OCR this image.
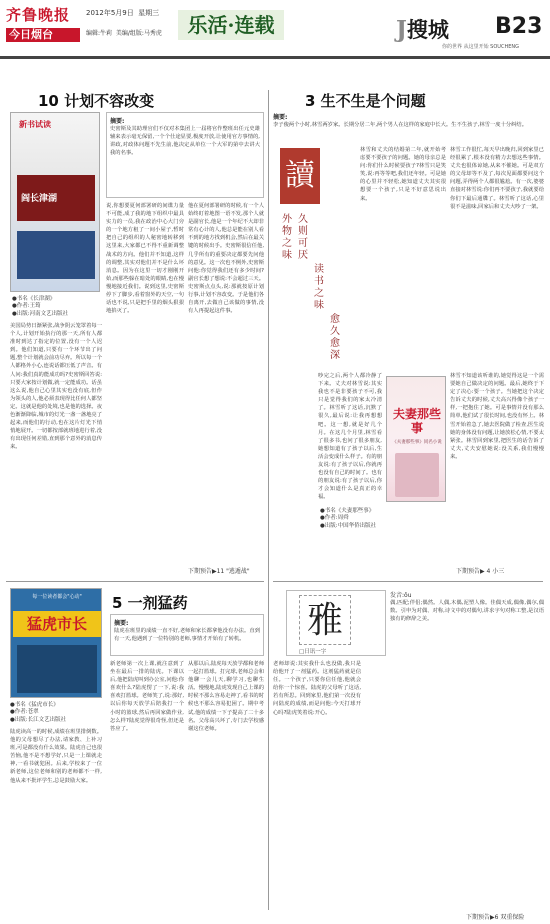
齐鲁晚报
今日烟台
2012年5月9日 星期三
编辑:牛莉 美编/组版:马秀虎	乐活·连载	J搜城
你的世界 从这里开始 SOUCHENG
B23
10 计划不容改变
新书试读
阎长津湖
摘要:
史密斯及其助理官们不仅对本集团上一届将官作整班出任元史雄辅来表示毫无保留,一个个仕途显要,极度开放,让使用官方事情的,讲政,对政体问题不先生前,他决定从单位一个大军的第中去讲大我的名事。
说,你想要夏何部署研的间谍力量不可能,成了我的地下组织中最具实力的一员,我在政治中心大门旁的一个地方租了一间小屋子,暂时把自己的组织的人秘密地转移到这里来,大家都已不得不重新调整战术的方向。他们并不知道,这样的调整,其实对他们并不是什么坏消息。因为在这里一切才刚刚开始,而那些躲在暗处的眼睛,也在慢慢地接近我们。说到这里,史密斯停下了脚步,看着窗外的天空,一句话也不说,只是把手里的烟头狠狠地掐灭了。
他在夏何部署研的时候,有一个人始终盯着地图一语不发,那个人就是副官长,他是一个年纪不大却非常有心计的人,他总是能在别人看不到的地方找到机会,然后在最关键的时候出手。史密斯很信任他,几乎所有的重要决定都要先问他的意见。这一次也不例外,史密斯问他:你觉得我们还有多少时间?副官长想了想说:不会超过三天。史密斯点点头,说:那就按原计划行事,计划不容改变。于是他们各自离开,去做自己该做的事情,没有人再提起这件事。
●书名《长津湖》
●作者:王筠
●出版:河南文艺出版社
美国局势日渐紧张,战争阴云笼罩着每一个人,计划开始执行的那一天,所有人都准时到达了指定的位置,没有一个人迟到。他们知道,只要有一个环节出了问题,整个计划就会前功尽弃。所以每一个人都格外小心,连说话都压低了声音。有人问:我们真的能成功吗?史密斯回答说:只要大家按计划做,就一定能成功。话虽这么说,他自己心里其实也没有底,但作为领头的人,他必须表现得比任何人都坚定。这就是他的处境,也是他的选择。夜色渐渐降临,城市的灯光一盏一盏地亮了起来,而他们的行动,也在这片灯光下悄悄地展开。一切都按部就班地进行着,没有出现任何差错,直到那个意外的消息传来。
下期预告▶11 "逃遁战"
3 生不生是个问题
摘要:
李子俊两个小时,林雪两岁家。长期分居二年,两个男人在这样的家庭中长大。生不生孩子,林雪一度十分纠结。
讀
外物之味
久则可厌
读书之味
愈久愈深
林雪和丈夫的结婚第二年,就开始考虑要不要孩子的问题。她的母亲总是问:你们什么时候要孩子?林雪只是笑笑,说:再等等吧,我们还年轻。可是她的心里并不轻松,她知道丈夫其实很想要一个孩子,只是不好意思说出来。
林雪工作很忙,每天早出晚归,回到家里已经很累了,根本没有精力去想这些事情。丈夫也很体谅她,从来不催她。可是双方的父母却等不及了,每次见面都要问这个问题,弄得两个人都很尴尬。有一次,婆婆直接对林雪说:你们再不要孩子,我就要给你们下最后通牒了。林雪听了这话,心里很不是滋味,回家后和丈夫大吵了一架。
吵完之后,两个人都冷静了下来。丈夫对林雪说:其实我也不是非要孩子不可,我只是觉得我们的家太冷清了。林雪听了这话,沉默了很久,最后说:让我再想想吧。这一想,就是好几个月。在这几个月里,林雪看了很多书,也问了很多朋友,她想知道有了孩子以后,生活会变成什么样子。有的朋友说:有了孩子以后,你就再也没有自己的时间了。也有的朋友说:有了孩子以后,你才会知道什么是真正的幸福。
林雪不知道该听谁的,她觉得这是一个需要她自己做决定的问题。最后,她终于下定了决心:要一个孩子。当她把这个决定告诉丈夫的时候,丈夫高兴得像个孩子一样,一把抱住了她。可是事情并没有那么简单,他们试了很长时间,也没有怀上。林雪开始着急了,她去医院做了检查,医生说她的身体没有问题,让她放松心情,不要太紧张。林雪回到家里,把医生的话告诉了丈夫,丈夫安慰她说:没关系,我们慢慢来。
夫妻那些事
《夫妻那些事》同名小说
●书名《夫妻那些事》
●作者:周舜
●出版:中国华侨出版社
下期预告▶ 4 小三
每一位读者都会"心动"
猛虎市长
●书名《猛虎市长》
●作者:苍翠
●出版:长江文艺出版社
陆虎读高一的时候,成绩在班里排倒数。他的父母想尽了办法,请家教、上补习班,可是都没有什么效果。陆虎自己也很苦恼,他不是不想学好,只是一上课就走神,一看书就犯困。后来,学校来了一位新老师,这位老师和别的老师都不一样,他从来不批评学生,总是鼓励大家。
5 一剂猛药
摘要:
陆虎在班里的成绩一直不好,老师和家长都拿他没有办法。直到有一天,他遇到了一位特别的老师,事情才开始有了转机。
新老师第一次上课,就注意到了坐在最后一排的陆虎。下课以后,他把陆虎叫到办公室,问他:你喜欢什么?陆虎愣了一下,说:我喜欢打篮球。老师笑了,说:那好,以后你每天放学后陪我打一个小时的篮球,然后再回家做作业,怎么样?陆虎觉得很奇怪,但还是答应了。
从那以后,陆虎每天放学都和老师一起打篮球。打完球,老师总会和他聊一会儿天,聊学习,也聊生活。慢慢地,陆虎发现自己上课的时候不那么容易走神了,看书的时候也不那么容易犯困了。期中考试,他的成绩一下子提高了二十多名。父母高兴坏了,专门去学校感谢这位老师。
老师却说:其实我什么也没做,我只是给他开了一剂猛药。这剂猛药就是信任。一个孩子,只要你信任他,他就会给你一个惊喜。陆虎的父母听了这话,若有所思。回到家里,他们第一次没有问陆虎的成绩,而是问他:今天打球开心吗?陆虎笑着说:开心。
下期预告▶6 双重保险
雅
□日讯一字
发音:ǒu
偶,匹配;伴侣;偶然。人偶,木偶,泥塑人像。佳偶天成,偶像,偶尔,偶数。引申为对偶、对称,诗文中的对偶句,讲求字句对称工整,是汉语独有的修辞之美。
